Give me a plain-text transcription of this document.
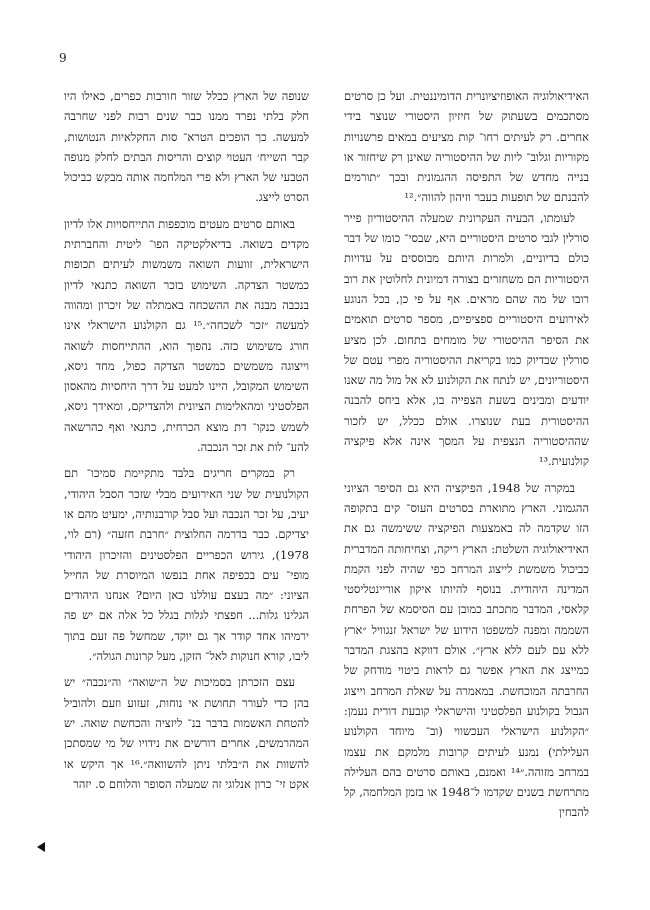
9

האידיאולוגיה האופוזיציונרית הדומיננטית. ועל כן סרטים מסתכמים בשעתוק של חיזיון היסטורי שנוצר בידי אחרים. רק לעיתים רחו־ קות מציעים במאים פרשנויות מקוריות וגלוב־ ליות של ההיסטוריה שאינן רק שיחזור או בנייה מחדש של התפיסה ההגמונית ובכך ״תורמים להבנתם של תופעות בעבר וזיהון להווה״.¹²

לעומתו, הבעיה העקרונית שמעלה ההיסטוריון פייר סורלין לגבי סרטים היסטוריים היא, שבסי־ כומו של דבר כולם בדיוניים, ולמרות היותם מבוססים על עדויות היסטוריות הם משחזרים בצורה דמיונית לחלוטין את רוב רובו של מה שהם מראים. אף על פי כן, בכל הנוגע לאירועים היסטוריים ספציפיים, מספר סרטים תואמים את הסיפר ההיסטורי של מומחים בתחום. לכן מציע סורלין שבדיוק כמו בקריאת ההיסטוריה מפרי עטם של היסטוריונים, יש לנתח את הקולנוע לא אל מול מה שאנו יודעים ומבינים בשעת הצפייה בו, אלא ביחס להבנה ההיסטורית בעת שנוצרו. אולם ככלל, יש לזכור שההיסטוריה הנצפית על המסך אינה אלא פיקציה קולנועית.¹³

במקרה של 1948, הפיקציה היא גם הסיפר הציוני ההגמוני. הארץ מתוארת בסרטים העוס־ קים בתקופה הזו שקדמה לה באמצעות הפיקציה ששימשה גם את האידיאולוגיה השלטת: הארץ ריקה, וצחיחותה המדברית כביכול משמשת לייצוג המרחב כפי שהיה לפני הקמת המדינה היהודית. בנוסף להיותו איקון אוריינטליסטי קלאסי, המדבר מתכתב כמובן עם הסיסמא של הפרחת השממה ומפנה למשפטו הידוע של ישראל זנגוויל ״ארץ ללא עם לעם ללא ארץ״. אולם דווקא בהצגת המדבר כמייצג את הארץ אפשר גם לראות ביטוי מודחק של החרבתה המוכחשת. במאמרה על שאלת המרחב וייצוג הגבול בקולנוע הפלסטיני והישראלי קובעת דורית נעמן: ״הקולנוע הישראלי העכשווי (וב־ מיוחד הקולנוע העלילתי) נמנע לעיתים קרובות מלמקם את עצמו במרחב מזוהה.״¹⁴ ואמנם, באותם סרטים בהם העלילה מתרחשת בשנים שקדמו ל־1948 או בזמן המלחמה, קל להבחין

שנופה של הארץ ככלל שזור חורבות כפרים, כאילו היו חלק בלתי נפרד ממנו כבר שנים רבות לפני שחרבה למעשה. כך הופכים הטרא־ סות החקלאיות הנטושות, קבר השייח׳ העטוי קוצים והריסות הבתים לחלק מנופה הטבעי של הארץ ולא פרי המלחמה אותה מבקש כביכול הסרט לייצג.

באותם סרטים מעטים מוכפפות התייחסויות אלו לדיון מקדים בשואה. בדיאלקטיקה הפו־ ליטית והחברתית הישראלית, זוועות השואה משמשות לעיתים תכופות כמשטר הצדקה. השימוש בזכר השואה כתנאי לדיון בנכבה מבנה את ההשכחה באמתלה של זיכרון ומהווה למעשה ״זכר לשכחה״.¹⁵ גם הקולנוע הישראלי אינו חורג משימוש כזה. נהפוך הוא, ההתייחסות לשואה וייצוגה משמשים כמשטר הצדקה כפול, מחד גיסא, השימוש המקובל, היינו למעט על דרך היחסיות מהאסון הפלסטיני ומהאלימות הציונית ולהצדיקם, ומאידך גיסא, לשמש כנקו־ דת מוצא הכרחית, כתנאי ואף כהרשאה להע־ לות את זכר הנכבה.

רק במקרים חריגים בלבד מתקיימת סמיכו־ תם הקולנועית של שני האירועים מבלי שזכר הסבל היהודי, יעיב, על זכר הנכבה ועל סבל קורבנותיה, ימעיט מהם או יצדיקם. כבר בדרמה החלוצית ״חרבת חזעה״ (רם לוי, 1978), גירוש הכפריים הפלסטינים והזיכרון היהודי מופי־ עים בכפיפה אחת בנפשו המיוסרת של החייל הציוני: ״מה בעצם עוללנו כאן היום? אנחנו היהודים הגלינו גלות... חפצתי לגלות בגלל כל אלה אם יש פה ירמיהו אחד קודר אך גם יוקד, שמחשל פה זעם בתוך ליבו, קורא חנוקות לאל־ הזקן, מעל קרונות הגולה״.

עצם הזכרתן בסמיכות של ה״שואה״ וה״נכבה״ יש בהן כדי לעורר תחושת אי נוחות, זעזוע וזעם ולהוביל להטחת האשמות בדבר בנ־ ליזציה והכחשת שואה. יש המהרמשים, אחרים דורשים את נידויו של מי שמסתכן להשוות את ה״בלתי ניתן להשוואה״.¹⁶ אך היקש או אקט זי־ כרון אנלוגי זה שמעלה הסופר והלוחם ס. יזהר
